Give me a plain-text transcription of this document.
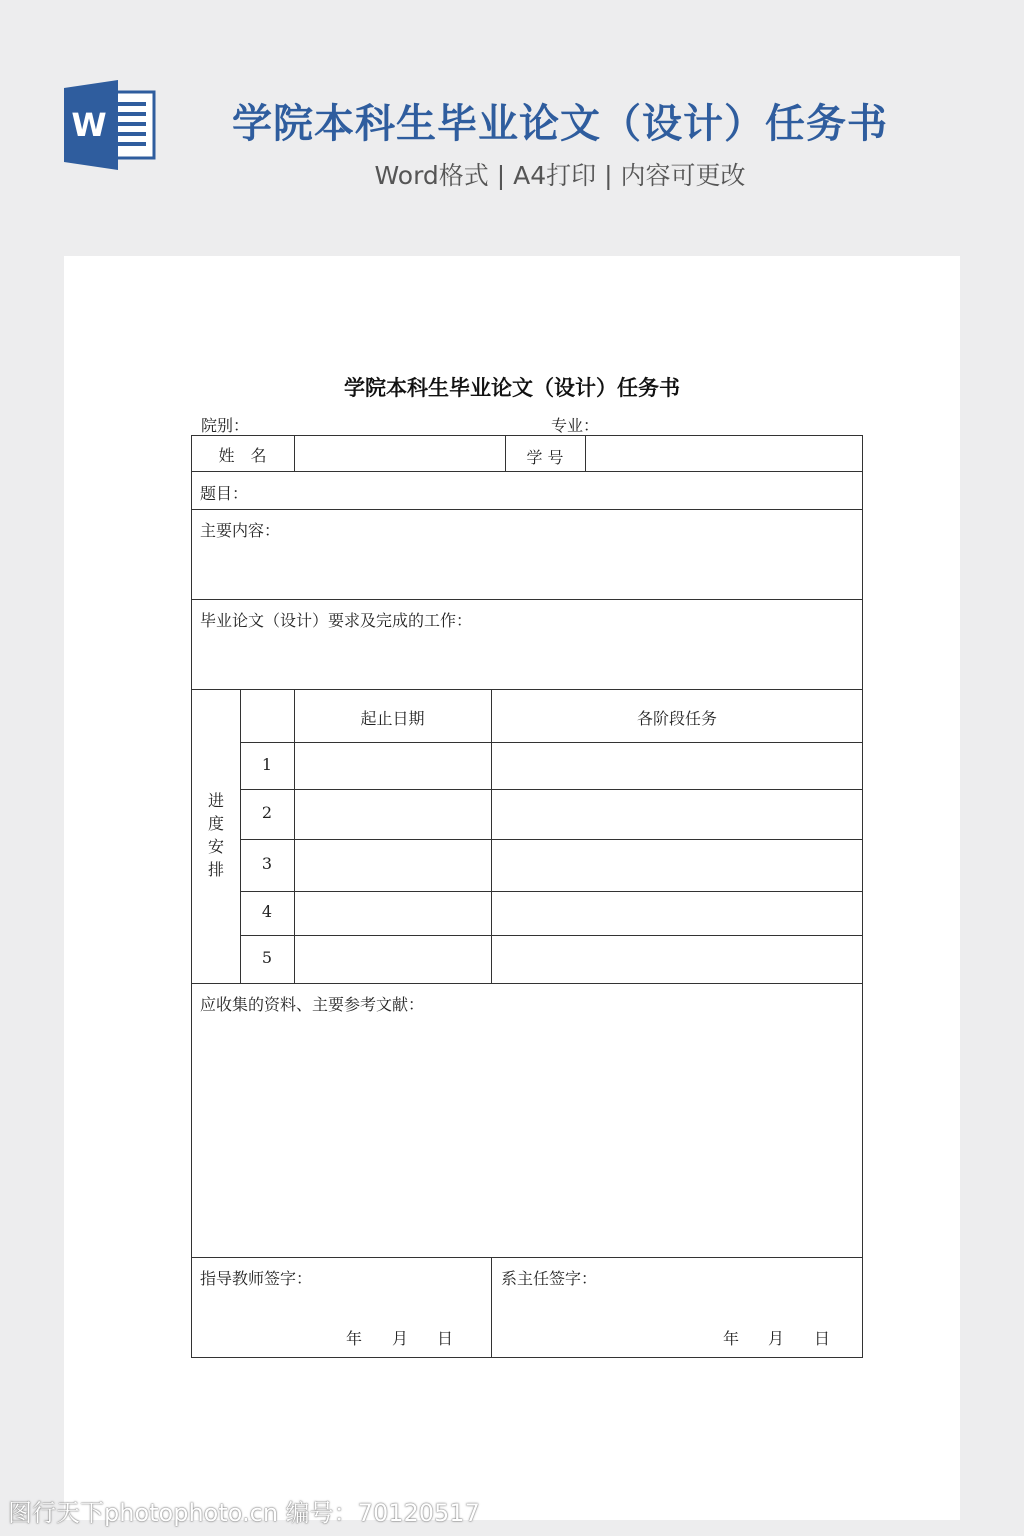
W	学院本科生毕业论文（设计）任务书
Word格式 | A4打印 | 内容可更改
学院本科生毕业论文（设计）任务书
院别：	专业：
姓　名	学 号
题目：
主要内容：
毕业论文（设计）要求及完成的工作：
进
度
安
排
起止日期	各阶段任务
1
2
3
4
5
应收集的资料、主要参考文献：
指导教师签字：
年 月 日
系主任签字：
年 月 日
图行天下photophoto.cn 编号：70120517
